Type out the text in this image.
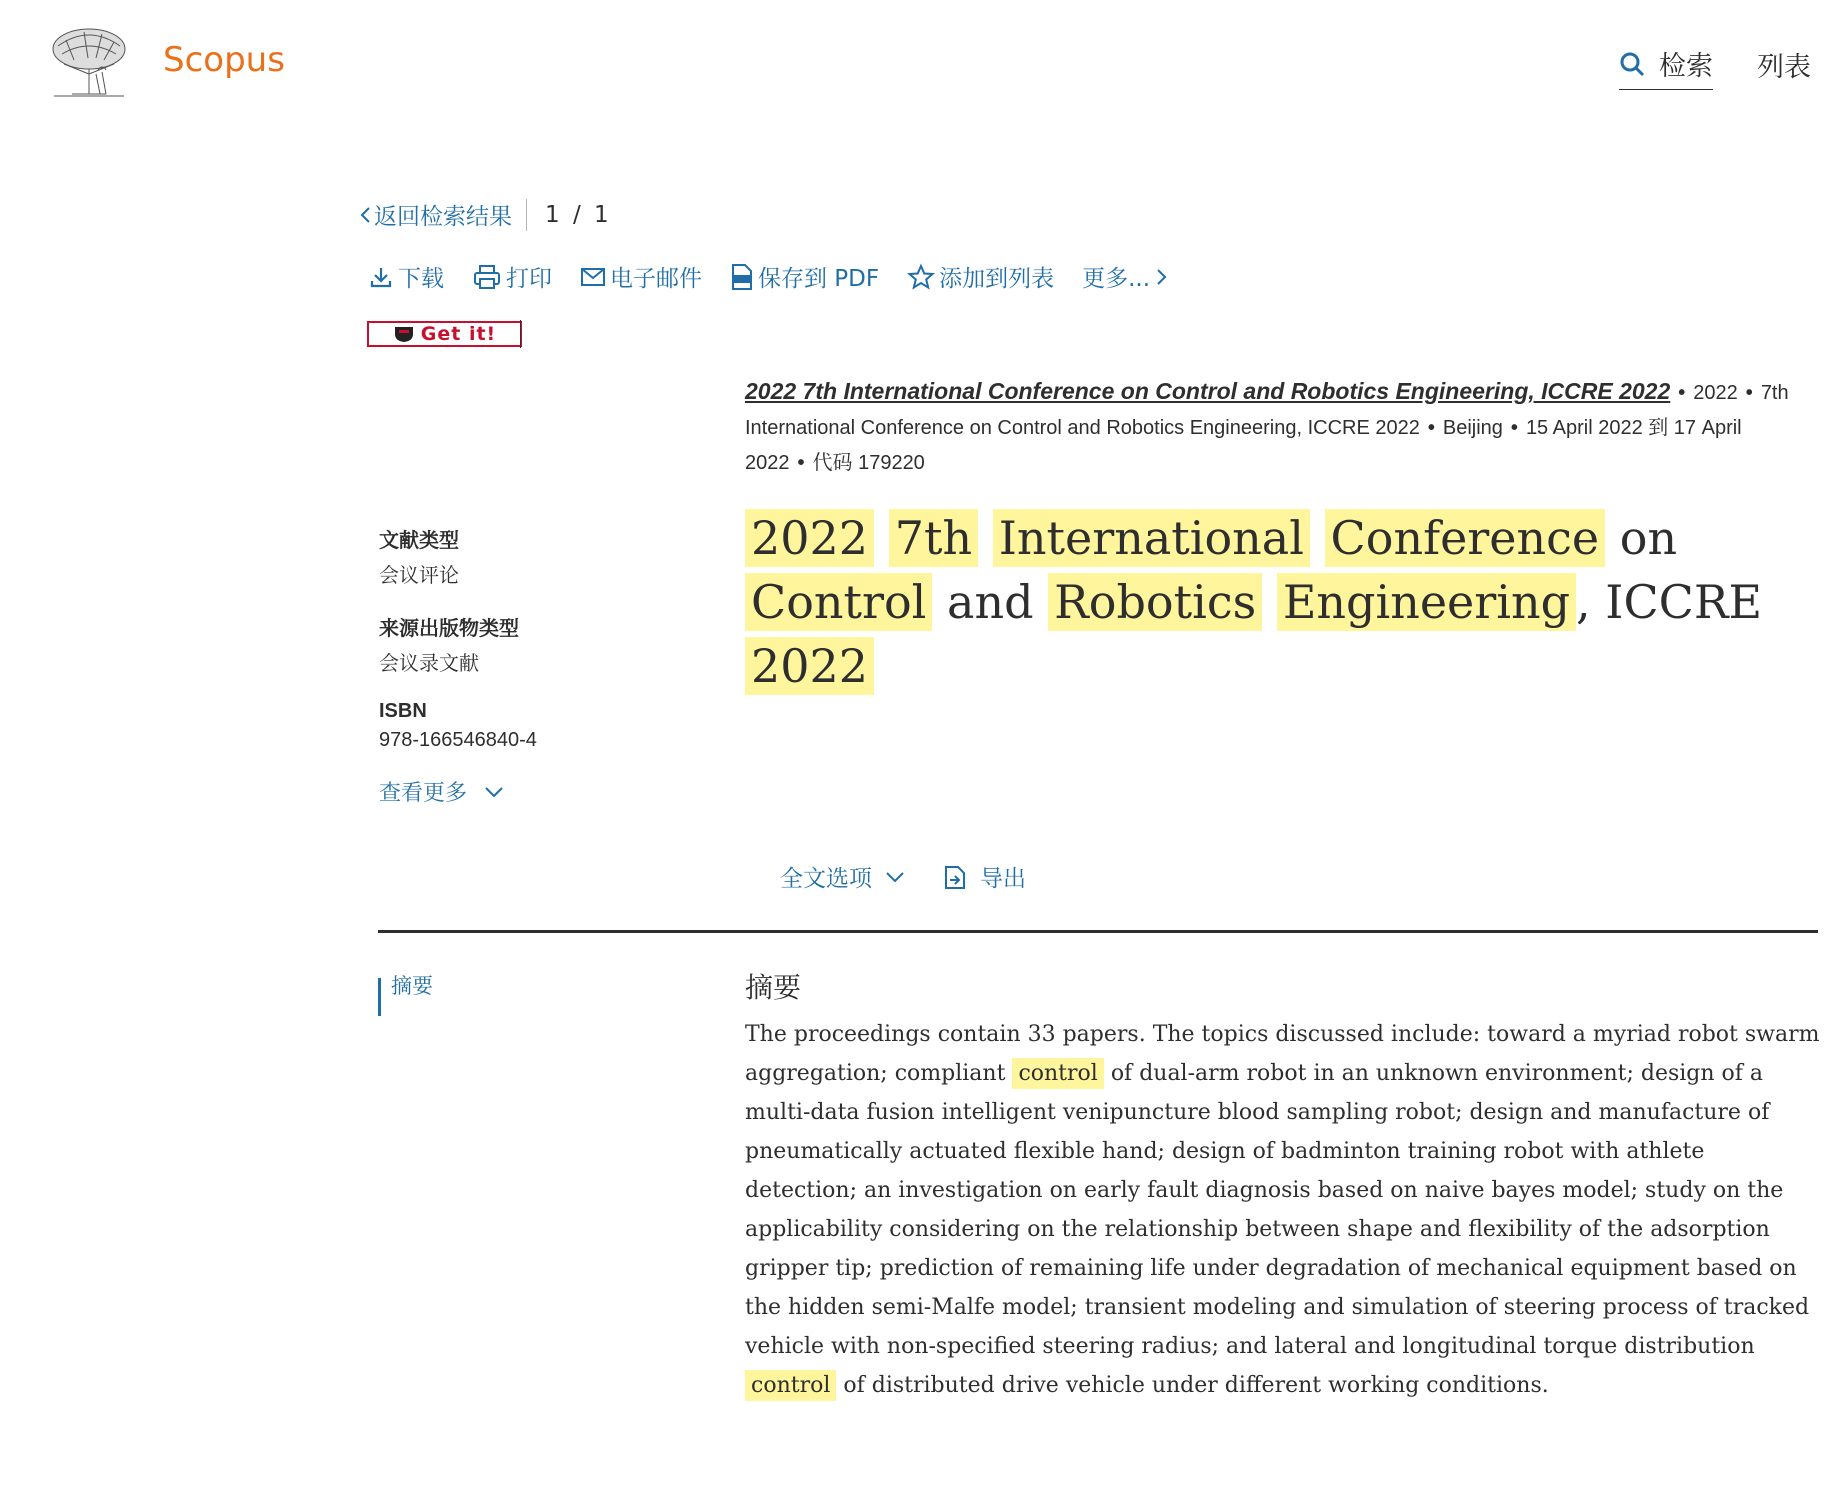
Scopus	检索 列表
返回检索结果 1 / 1
下载	打印	电子邮件 保存到 PDF	添加到列表 更多...
Get it!
2022 7th International Conference on Control and Robotics Engineering, ICCRE 2022 • 2022 • 7th International Conference on Control and Robotics Engineering, ICCRE 2022 • Beijing • 15 April 2022 到 17 April 2022 • 代码 179220
文献类型
会议评论
来源出版物类型
会议录文献
ISBN
978-166546840-4
查看更多
2022 7th International Conference on Control and Robotics Engineering , ICCRE 2022
全文选项	导出
摘要	摘要

The proceedings contain 33 papers. The topics discussed include: toward a myriad robot swarm aggregation; compliant control of dual-arm robot in an unknown environment; design of a multi-data fusion intelligent venipuncture blood sampling robot; design and manufacture of pneumatically actuated flexible hand; design of badminton training robot with athlete detection; an investigation on early fault diagnosis based on naive bayes model; study on the applicability considering on the relationship between shape and flexibility of the adsorption gripper tip; prediction of remaining life under degradation of mechanical equipment based on the hidden semi-Malfe model; transient modeling and simulation of steering process of tracked vehicle with non-specified steering radius; and lateral and longitudinal torque distribution control of distributed drive vehicle under different working conditions.
